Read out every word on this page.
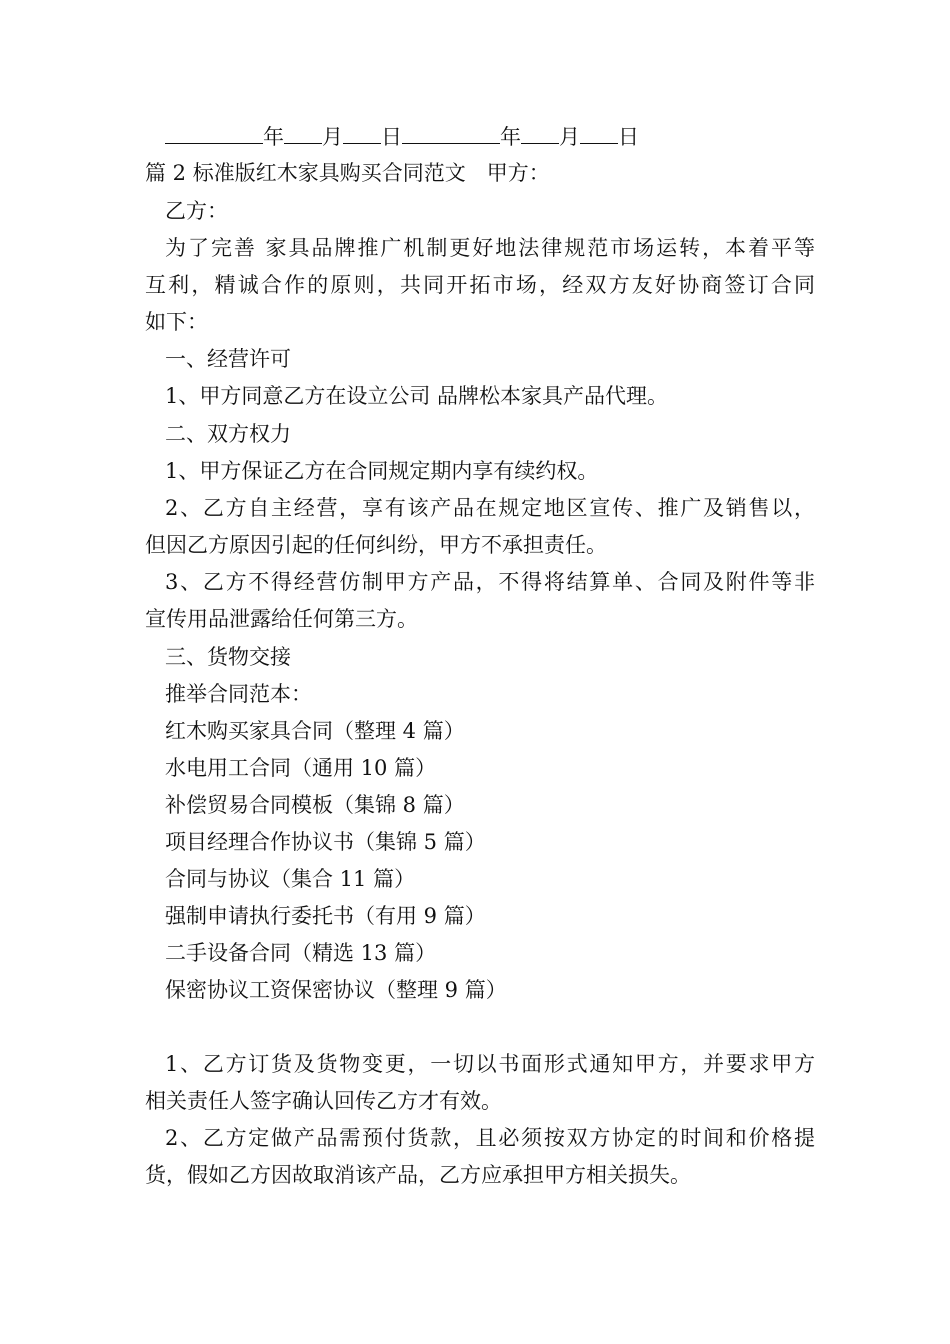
年 月 日	年 月 日
篇 2 标准版红木家具购买合同范文　甲方：
乙方：
为了完善 家具品牌推广机制更好地法律规范市场运转，本着平等
互利，精诚合作的原则，共同开拓市场，经双方友好协商签订合同
如下：
一、经营许可
1、甲方同意乙方在设立公司 品牌松本家具产品代理。
二、双方权力
1、甲方保证乙方在合同规定期内享有续约权。
2、乙方自主经营，享有该产品在规定地区宣传、推广及销售以，
但因乙方原因引起的任何纠纷，甲方不承担责任。
3、乙方不得经营仿制甲方产品，不得将结算单、合同及附件等非
宣传用品泄露给任何第三方。
三、货物交接
推举合同范本：
红木购买家具合同（整理 4 篇）
水电用工合同（通用 10 篇）
补偿贸易合同模板（集锦 8 篇）
项目经理合作协议书（集锦 5 篇）
合同与协议（集合 11 篇）
强制申请执行委托书（有用 9 篇）
二手设备合同（精选 13 篇）
保密协议工资保密协议（整理 9 篇）
1、乙方订货及货物变更，一切以书面形式通知甲方，并要求甲方
相关责任人签字确认回传乙方才有效。
2、乙方定做产品需预付货款，且必须按双方协定的时间和价格提
货，假如乙方因故取消该产品，乙方应承担甲方相关损失。
